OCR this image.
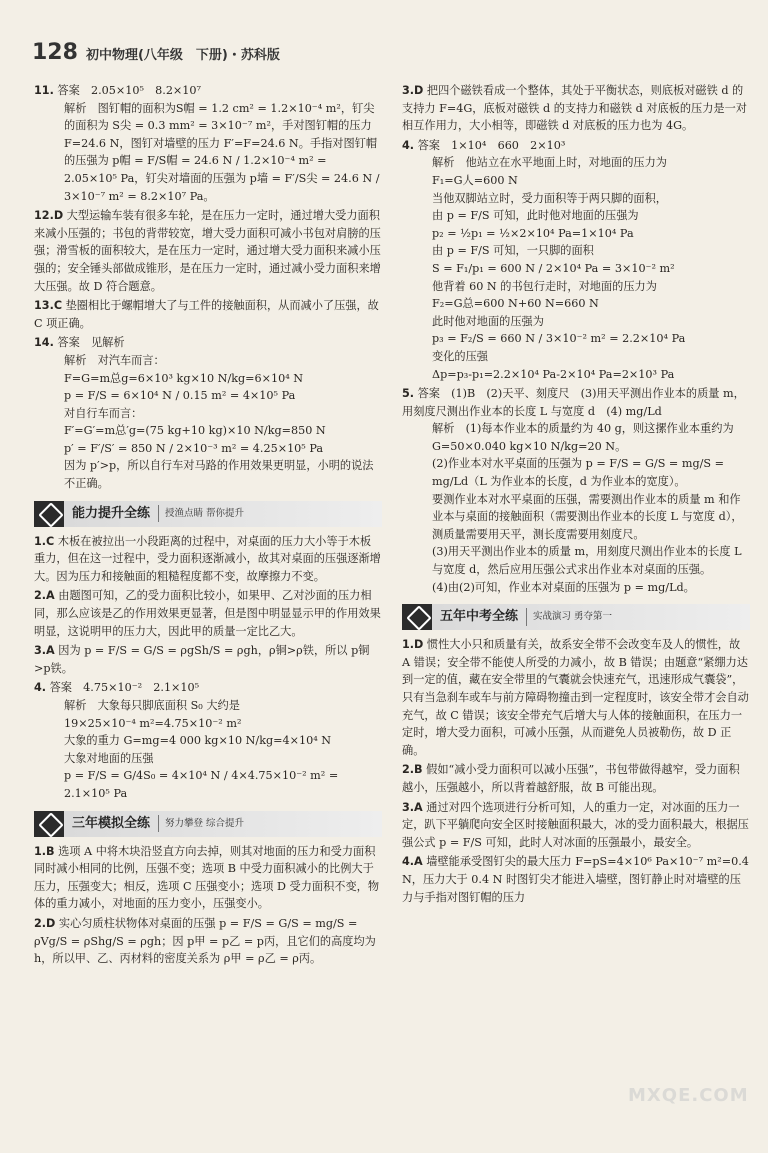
128 初中物理(八年级　下册)・苏科版
11. 答案　2.05×10⁵　8.2×10⁷
解析　图钉帽的面积为S帽 = 1.2 cm² = 1.2×10⁻⁴ m²，钉尖的面积为 S尖 = 0.3 mm² = 3×10⁻⁷ m²，手对图钉帽的压力 F=24.6 N，图钉对墙壁的压力 F′=F=24.6 N。手指对图钉帽的压强为 p帽 = F/S帽 = 24.6 N / 1.2×10⁻⁴ m² = 2.05×10⁵ Pa，钉尖对墙面的压强为 p墙 = F′/S尖 = 24.6 N / 3×10⁻⁷ m² = 8.2×10⁷ Pa。
12.D 大型运输车装有很多车轮，是在压力一定时，通过增大受力面积来减小压强的；书包的背带较宽，增大受力面积可减小书包对肩膀的压强；滑雪板的面积较大，是在压力一定时，通过增大受力面积来减小压强的；安全锤头部做成锥形，是在压力一定时，通过减小受力面积来增大压强。故 D 符合题意。
13.C 垫圈相比于螺帽增大了与工件的接触面积，从而减小了压强，故 C 项正确。
14. 答案　见解析
解析　对汽车而言：
F=G=m总g=6×10³ kg×10 N/kg=6×10⁴ N
p = F/S = 6×10⁴ N / 0.15 m² = 4×10⁵ Pa
对自行车而言：
F′=G′=m总′g=(75 kg+10 kg)×10 N/kg=850 N
p′ = F′/S′ = 850 N / 2×10⁻³ m² = 4.25×10⁵ Pa
因为 p′>p，所以自行车对马路的作用效果更明显，小明的说法不正确。
能力提升全练	授渔点睛 帮你提升
1.C 木板在被拉出一小段距离的过程中，对桌面的压力大小等于木板重力，但在这一过程中，受力面积逐渐减小，故其对桌面的压强逐渐增大。因为压力和接触面的粗糙程度都不变，故摩擦力不变。
2.A 由题图可知，乙的受力面积比较小，如果甲、乙对沙面的压力相同，那么应该是乙的作用效果更显著，但是图中明显显示甲的作用效果明显，这说明甲的压力大，因此甲的质量一定比乙大。
3.A 因为 p = F/S = G/S = ρgSh/S = ρgh，ρ铜>ρ铁，所以 p铜>p铁。
4. 答案　4.75×10⁻²　2.1×10⁵
解析　大象每只脚底面积 S₀ 大约是
19×25×10⁻⁴ m²=4.75×10⁻² m²
大象的重力 G=mg=4 000 kg×10 N/kg=4×10⁴ N
大象对地面的压强
p = F/S = G/4S₀ = 4×10⁴ N / 4×4.75×10⁻² m² = 2.1×10⁵ Pa
三年模拟全练	努力攀登 综合提升
1.B 选项 A 中将木块沿竖直方向去掉，则其对地面的压力和受力面积同时减小相同的比例，压强不变；选项 B 中受力面积减小的比例大于压力，压强变大；相反，选项 C 压强变小；选项 D 受力面积不变，物体的重力减小，对地面的压力变小，压强变小。
2.D 实心匀质柱状物体对桌面的压强 p = F/S = G/S = mg/S = ρVg/S = ρShg/S = ρgh；因 p甲 = p乙 = p丙，且它们的高度均为 h，所以甲、乙、丙材料的密度关系为 ρ甲 = ρ乙 = ρ丙。
3.D 把四个磁铁看成一个整体，其处于平衡状态，则底板对磁铁 d 的支持力 F=4G，底板对磁铁 d 的支持力和磁铁 d 对底板的压力是一对相互作用力，大小相等，即磁铁 d 对底板的压力也为 4G。
4. 答案　1×10⁴　660　2×10³
解析　他站立在水平地面上时，对地面的压力为
F₁=G人=600 N
当他双脚站立时，受力面积等于两只脚的面积，
由 p = F/S 可知，此时他对地面的压强为
p₂ = ½p₁ = ½×2×10⁴ Pa=1×10⁴ Pa
由 p = F/S 可知，一只脚的面积
S = F₁/p₁ = 600 N / 2×10⁴ Pa = 3×10⁻² m²
他背着 60 N 的书包行走时，对地面的压力为
F₂=G总=600 N+60 N=660 N
此时他对地面的压强为
p₃ = F₂/S = 660 N / 3×10⁻² m² = 2.2×10⁴ Pa
变化的压强
Δp=p₃-p₁=2.2×10⁴ Pa-2×10⁴ Pa=2×10³ Pa
5. 答案　(1)B　(2)天平、刻度尺　(3)用天平测出作业本的质量 m，用刻度尺测出作业本的长度 L 与宽度 d　(4) mg/Ld
解析　(1)每本作业本的质量约为 40 g，则这摞作业本重约为 G=50×0.040 kg×10 N/kg=20 N。
(2)作业本对水平桌面的压强为 p = F/S = G/S = mg/S = mg/Ld（L 为作业本的长度，d 为作业本的宽度）。
要测作业本对水平桌面的压强，需要测出作业本的质量 m 和作业本与桌面的接触面积（需要测出作业本的长度 L 与宽度 d），测质量需要用天平，测长度需要用刻度尺。
(3)用天平测出作业本的质量 m，用刻度尺测出作业本的长度 L 与宽度 d，然后应用压强公式求出作业本对桌面的压强。
(4)由(2)可知，作业本对桌面的压强为 p = mg/Ld。
五年中考全练	实战演习 勇夺第一
1.D 惯性大小只和质量有关，故系安全带不会改变车及人的惯性，故 A 错误；安全带不能使人所受的力减小，故 B 错误；由题意“紧绷力达到一定的值，藏在安全带里的气囊就会快速充气，迅速形成气囊袋”，只有当急刹车或车与前方障碍物撞击到一定程度时，该安全带才会自动充气，故 C 错误；该安全带充气后增大与人体的接触面积，在压力一定时，增大受力面积，可减小压强，从而避免人员被勒伤，故 D 正确。
2.B 假如“减小受力面积可以减小压强”，书包带做得越窄，受力面积越小，压强越小，所以背着越舒服，故 B 可能出现。
3.A 通过对四个选项进行分析可知，人的重力一定，对冰面的压力一定，趴下平躺爬向安全区时接触面积最大，冰的受力面积最大，根据压强公式 p = F/S 可知，此时人对冰面的压强最小，最安全。
4.A 墙壁能承受图钉尖的最大压力 F=pS=4×10⁶ Pa×10⁻⁷ m²=0.4 N，压力大于 0.4 N 时图钉尖才能进入墙壁，图钉静止时对墙壁的压力与手指对图钉帽的压力
MXQE.COM
